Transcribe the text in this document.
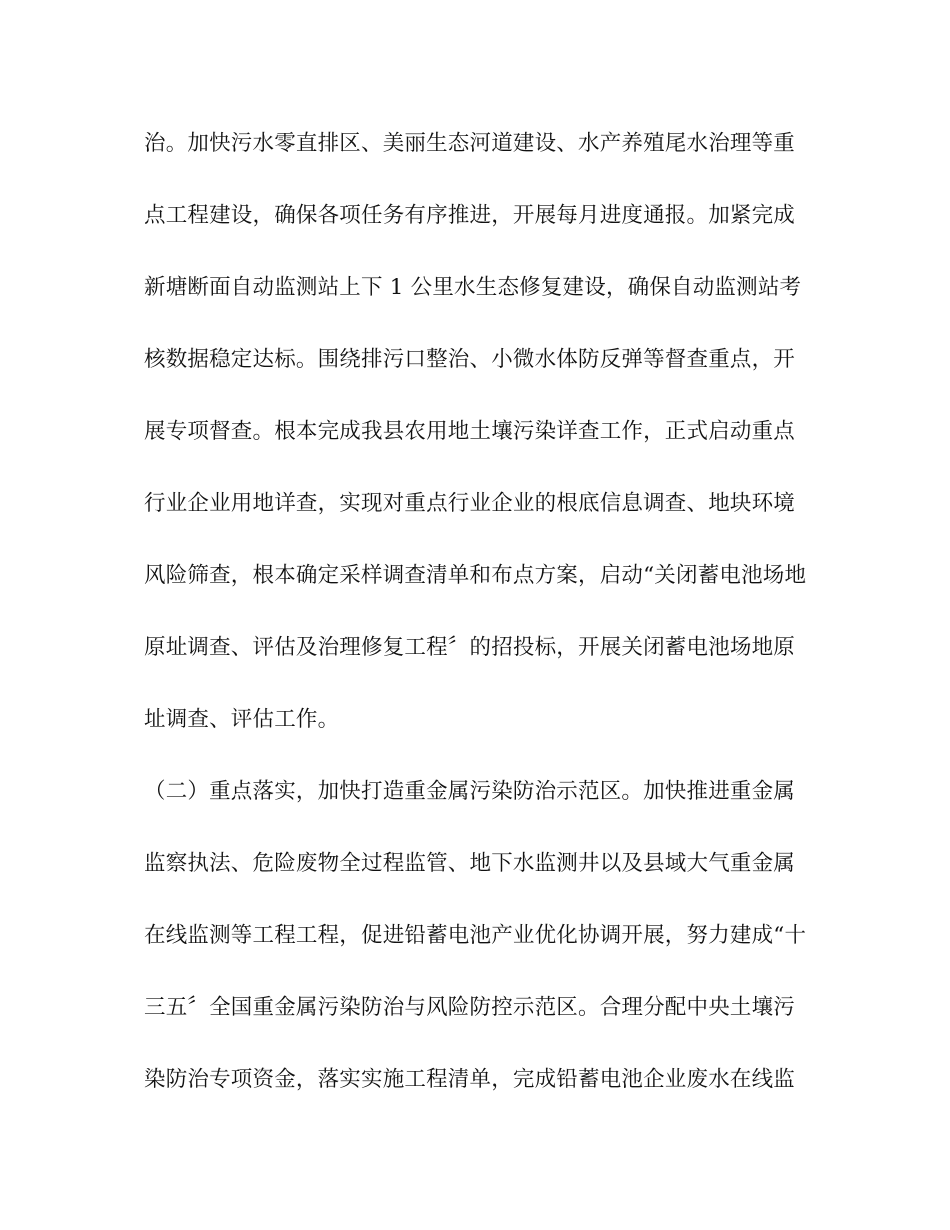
治。加快污水零直排区、美丽生态河道建设、水产养殖尾水治理等重
点工程建设，确保各项任务有序推进，开展每月进度通报。加紧完成
新塘断面自动监测站上下 1 公里水生态修复建设，确保自动监测站考
核数据稳定达标。围绕排污口整治、小微水体防反弹等督查重点，开
展专项督查。根本完成我县农用地土壤污染详查工作，正式启动重点
行业企业用地详查，实现对重点行业企业的根底信息调查、地块环境
风险筛查，根本确定采样调查清单和布点方案，启动“关闭蓄电池场地
原址调查、评估及治理修复工程〞的招投标，开展关闭蓄电池场地原
址调查、评估工作。
（二）重点落实，加快打造重金属污染防治示范区。加快推进重金属
监察执法、危险废物全过程监管、地下水监测井以及县域大气重金属
在线监测等工程工程，促进铅蓄电池产业优化协调开展，努力建成“十
三五〞全国重金属污染防治与风险防控示范区。合理分配中央土壤污
染防治专项资金，落实实施工程清单，完成铅蓄电池企业废水在线监
